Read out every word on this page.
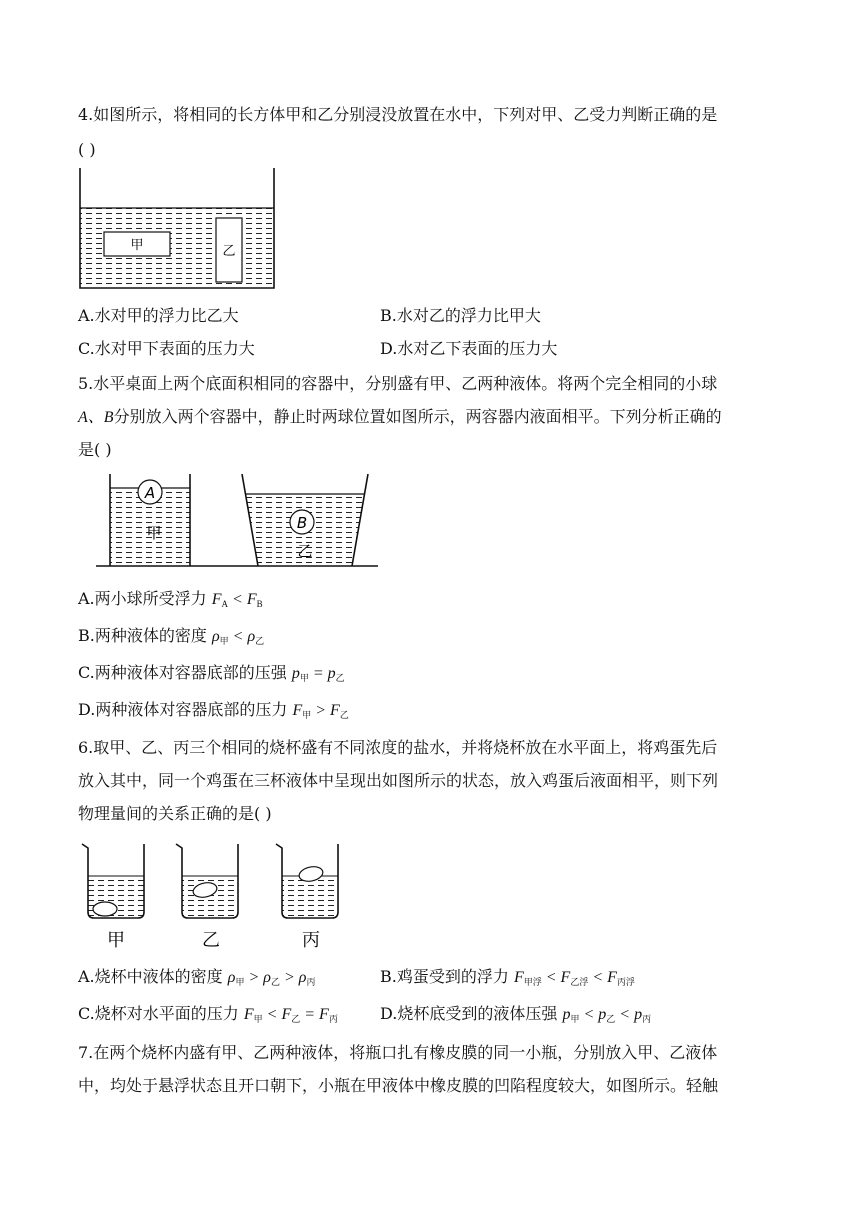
4.如图所示，将相同的长方体甲和乙分别浸没放置在水中，下列对甲、乙受力判断正确的是
( )
甲	乙
A.水对甲的浮力比乙大	B.水对乙的浮力比甲大
C.水对甲下表面的压力大	D.水对乙下表面的压力大
5.水平桌面上两个底面积相同的容器中，分别盛有甲、乙两种液体。将两个完全相同的小球
A、B分别放入两个容器中，静止时两球位置如图所示，两容器内液面相平。下列分析正确的
是( )
A
甲
B
乙
A.两小球所受浮力 $F_A < F_B$
B.两种液体的密度 $\rho_甲 < \rho_乙$
C.两种液体对容器底部的压强 $p_甲 = p_乙$
D.两种液体对容器底部的压力 $F_甲 > F_乙$
6.取甲、乙、丙三个相同的烧杯盛有不同浓度的盐水，并将烧杯放在水平面上，将鸡蛋先后
放入其中，同一个鸡蛋在三杯液体中呈现出如图所示的状态，放入鸡蛋后液面相平，则下列
物理量间的关系正确的是( )
甲	乙	丙
A.烧杯中液体的密度 $\rho_甲 > \rho_乙 > \rho_丙$	B.鸡蛋受到的浮力 $F_{甲浮} < F_{乙浮} < F_{丙浮}$
C.烧杯对水平面的压力 $F_甲 < F_乙 = F_丙$	D.烧杯底受到的液体压强 $p_甲 < p_乙 < p_丙$
7.在两个烧杯内盛有甲、乙两种液体，将瓶口扎有橡皮膜的同一小瓶，分别放入甲、乙液体
中，均处于悬浮状态且开口朝下，小瓶在甲液体中橡皮膜的凹陷程度较大，如图所示。轻触
